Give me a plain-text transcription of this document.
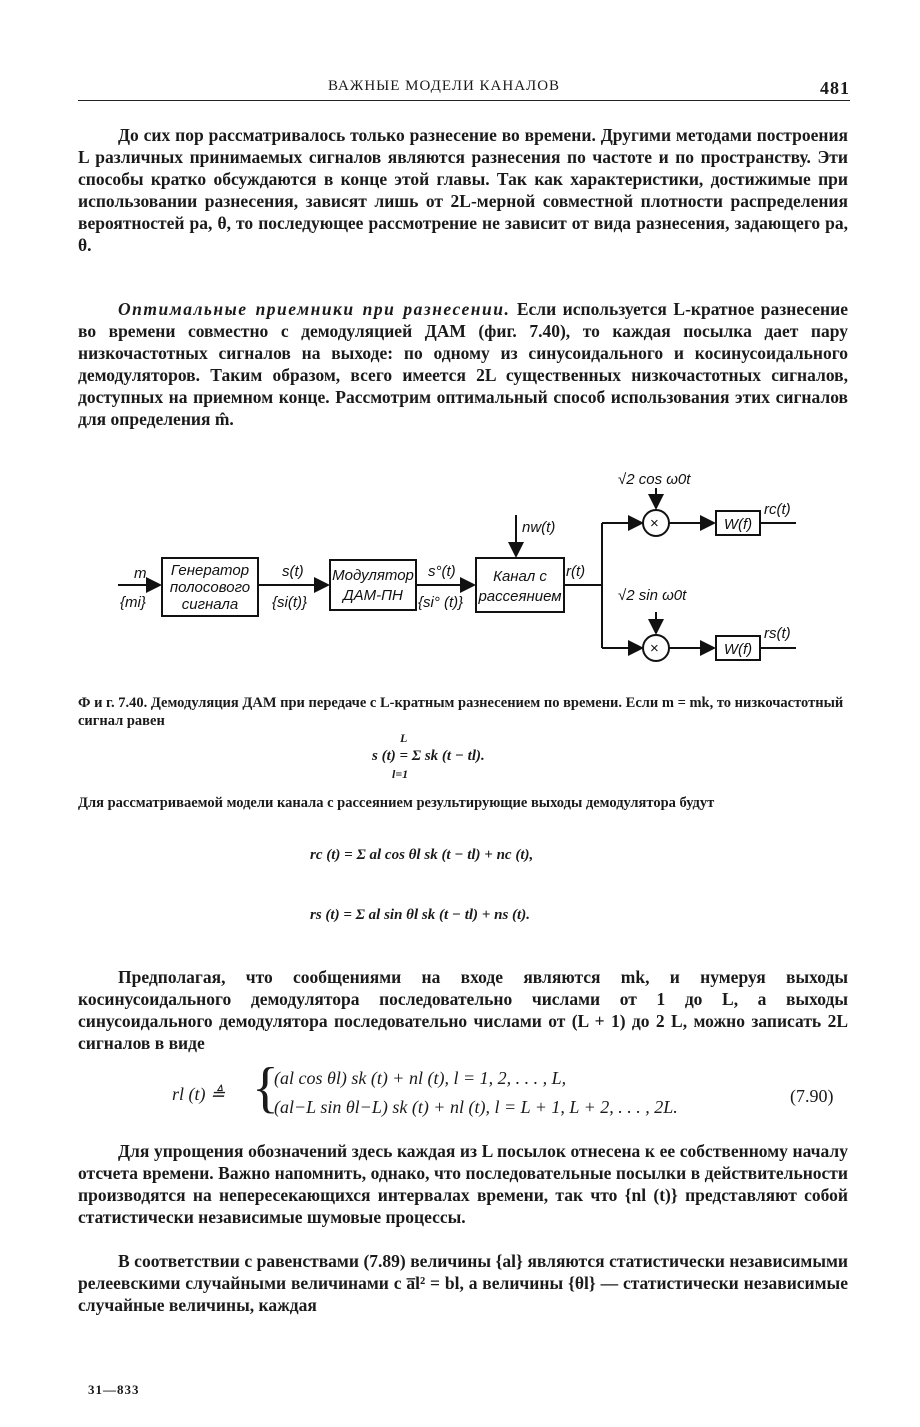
ВАЖНЫЕ МОДЕЛИ КАНАЛОВ	481

До сих пор рассматривалось только разнесение во времени. Другими методами построения L различных принимаемых сигналов являются разнесения по частоте и по пространству. Эти способы кратко обсуждаются в конце этой главы. Так как характеристики, достижимые при использовании разнесения, зависят лишь от 2L-мерной совместной плотности распределения вероятностей pa, θ, то последующее рассмотрение не зависит от вида разнесения, задающего pa, θ.

Оптимальные приемники при разнесении. Если используется L-кратное разнесение во времени совместно с демодуляцией ДАМ (фиг. 7.40), то каждая посылка дает пару низкочастотных сигналов на выходе: по одному из синусоидального и косинусоидального демодуляторов. Таким образом, всего имеется 2L существенных низкочастотных сигналов, доступных на приемном конце. Рассмотрим оптимальный способ использования этих сигналов для определения m̂.

m
{mi}
Генератор
полосового
сигнала
s(t)
{si(t)}
Модулятор
ДАМ-ПН
s°(t)
{si° (t)}
Канал с
рассеянием
r(t)
nw(t)
√2 cos ω0t
√2 sin ω0t
×
×
W(f)
W(f)
rc(t)
rs(t)

Ф и г. 7.40. Демодуляция ДАМ при передаче с L-кратным разнесением по времени. Если m = mk, то низкочастотный сигнал равен

L
s (t) = Σ sk (t − tl).
l=1

Для рассматриваемой модели канала с рассеянием результирующие выходы демодулятора будут

rc (t) = Σ al cos θl sk (t − tl) + nc (t),
rs (t) = Σ al sin θl sk (t − tl) + ns (t).

Предполагая, что сообщениями на входе являются mk, и нумеруя выходы косинусоидального демодулятора последовательно числами от 1 до L, а выходы синусоидального демодулятора последовательно числами от (L + 1) до 2 L, можно записать 2L сигналов в виде

rl (t) ≜ {
(al cos θl) sk (t) + nl (t), l = 1, 2, . . . , L,
(al−L sin θl−L) sk (t) + nl (t), l = L + 1, L + 2, . . . , 2L.
(7.90)

Для упрощения обозначений здесь каждая из L посылок отнесена к ее собственному началу отсчета времени. Важно напомнить, однако, что последовательные посылки в действительности производятся на непересекающихся интервалах времени, так что {nl (t)} представляют собой статистически независимые шумовые процессы.

В соответствии с равенствами (7.89) величины {al} являются статистически независимыми релеевскими случайными величинами с a̅l² = bl, а величины {θl} — статистически независимые случайные величины, каждая

31—833
